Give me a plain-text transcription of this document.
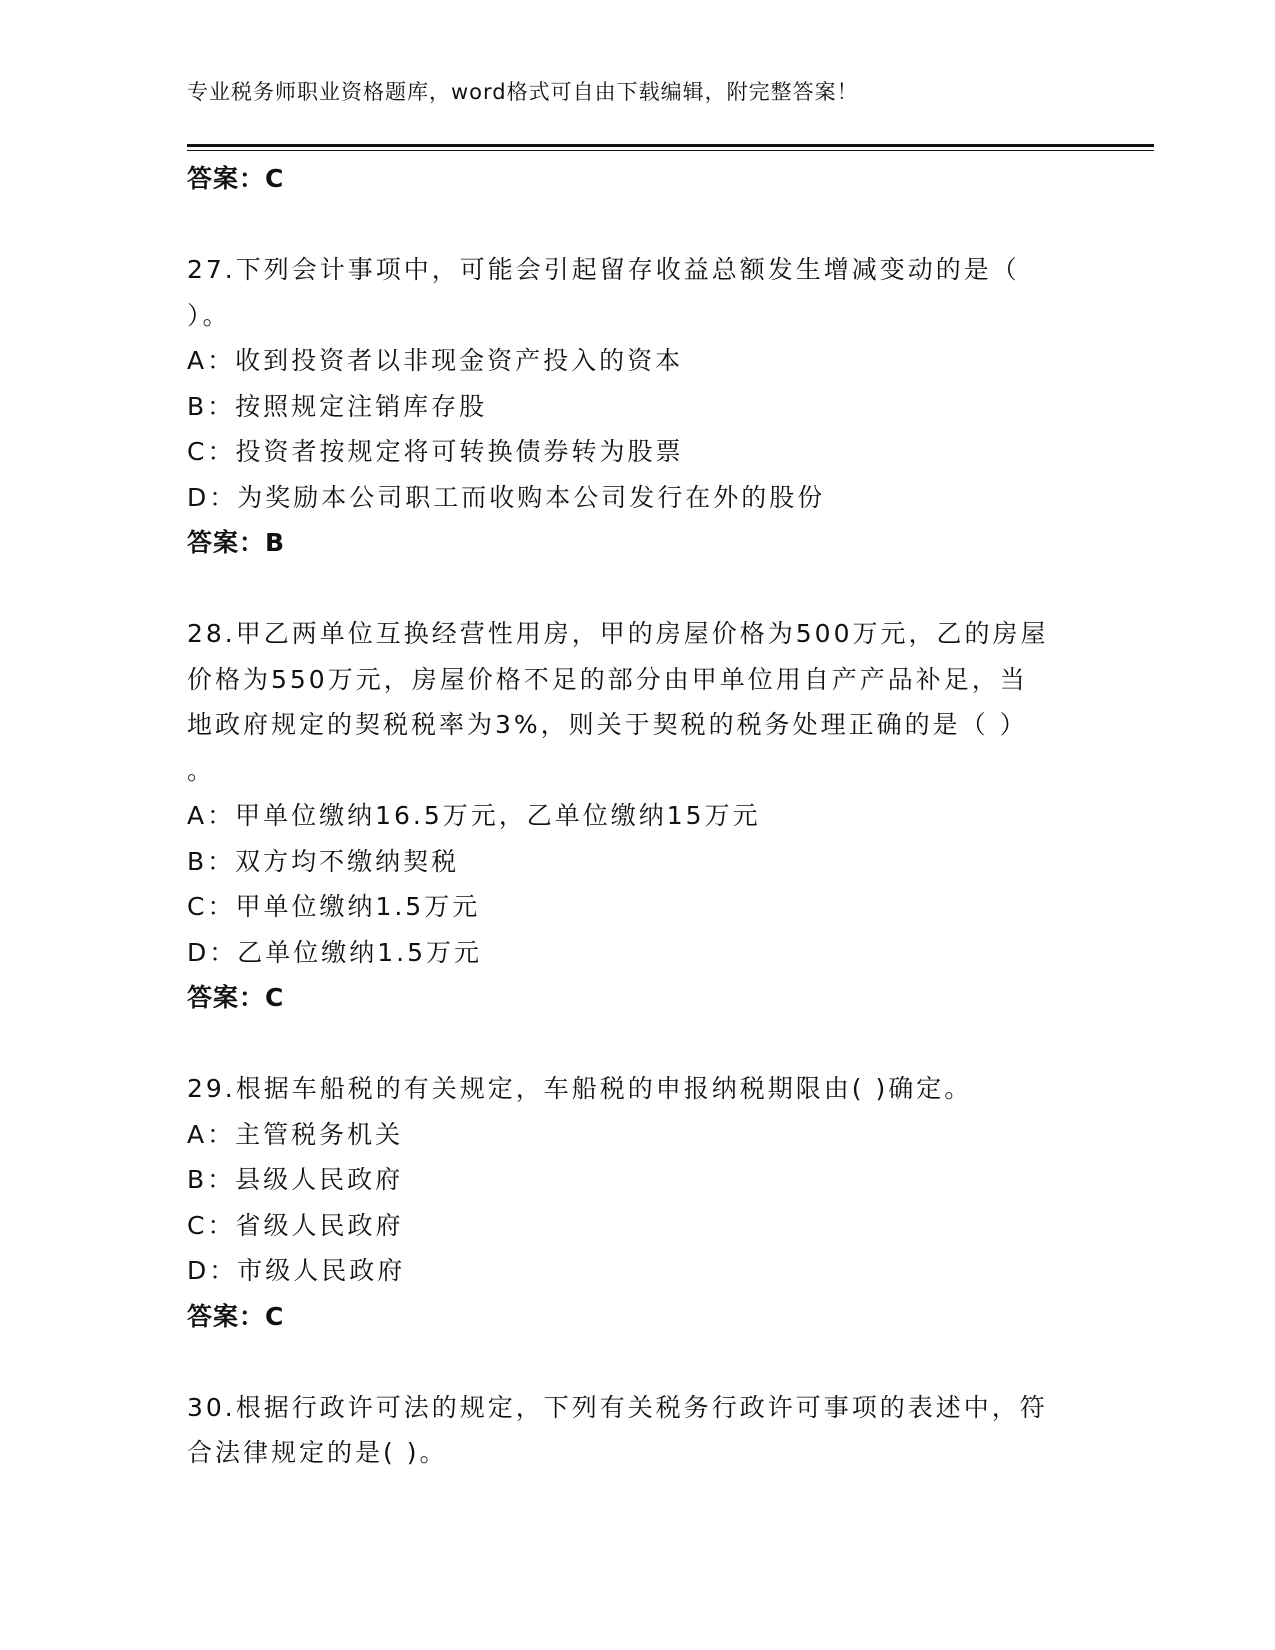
专业税务师职业资格题库，word格式可自由下载编辑，附完整答案！
答案：C
27.下列会计事项中，可能会引起留存收益总额发生增减变动的是（
）。
A：收到投资者以非现金资产投入的资本
B：按照规定注销库存股
C：投资者按规定将可转换债券转为股票
D：为奖励本公司职工而收购本公司发行在外的股份
答案：B
28.甲乙两单位互换经营性用房，甲的房屋价格为500万元，乙的房屋
价格为550万元，房屋价格不足的部分由甲单位用自产产品补足，当
地政府规定的契税税率为3%，则关于契税的税务处理正确的是（ ）
。
A：甲单位缴纳16.5万元，乙单位缴纳15万元
B：双方均不缴纳契税
C：甲单位缴纳1.5万元
D：乙单位缴纳1.5万元
答案：C
29.根据车船税的有关规定，车船税的申报纳税期限由( )确定。
A：主管税务机关
B：县级人民政府
C：省级人民政府
D：市级人民政府
答案：C
30.根据行政许可法的规定，下列有关税务行政许可事项的表述中，符
合法律规定的是( )。
